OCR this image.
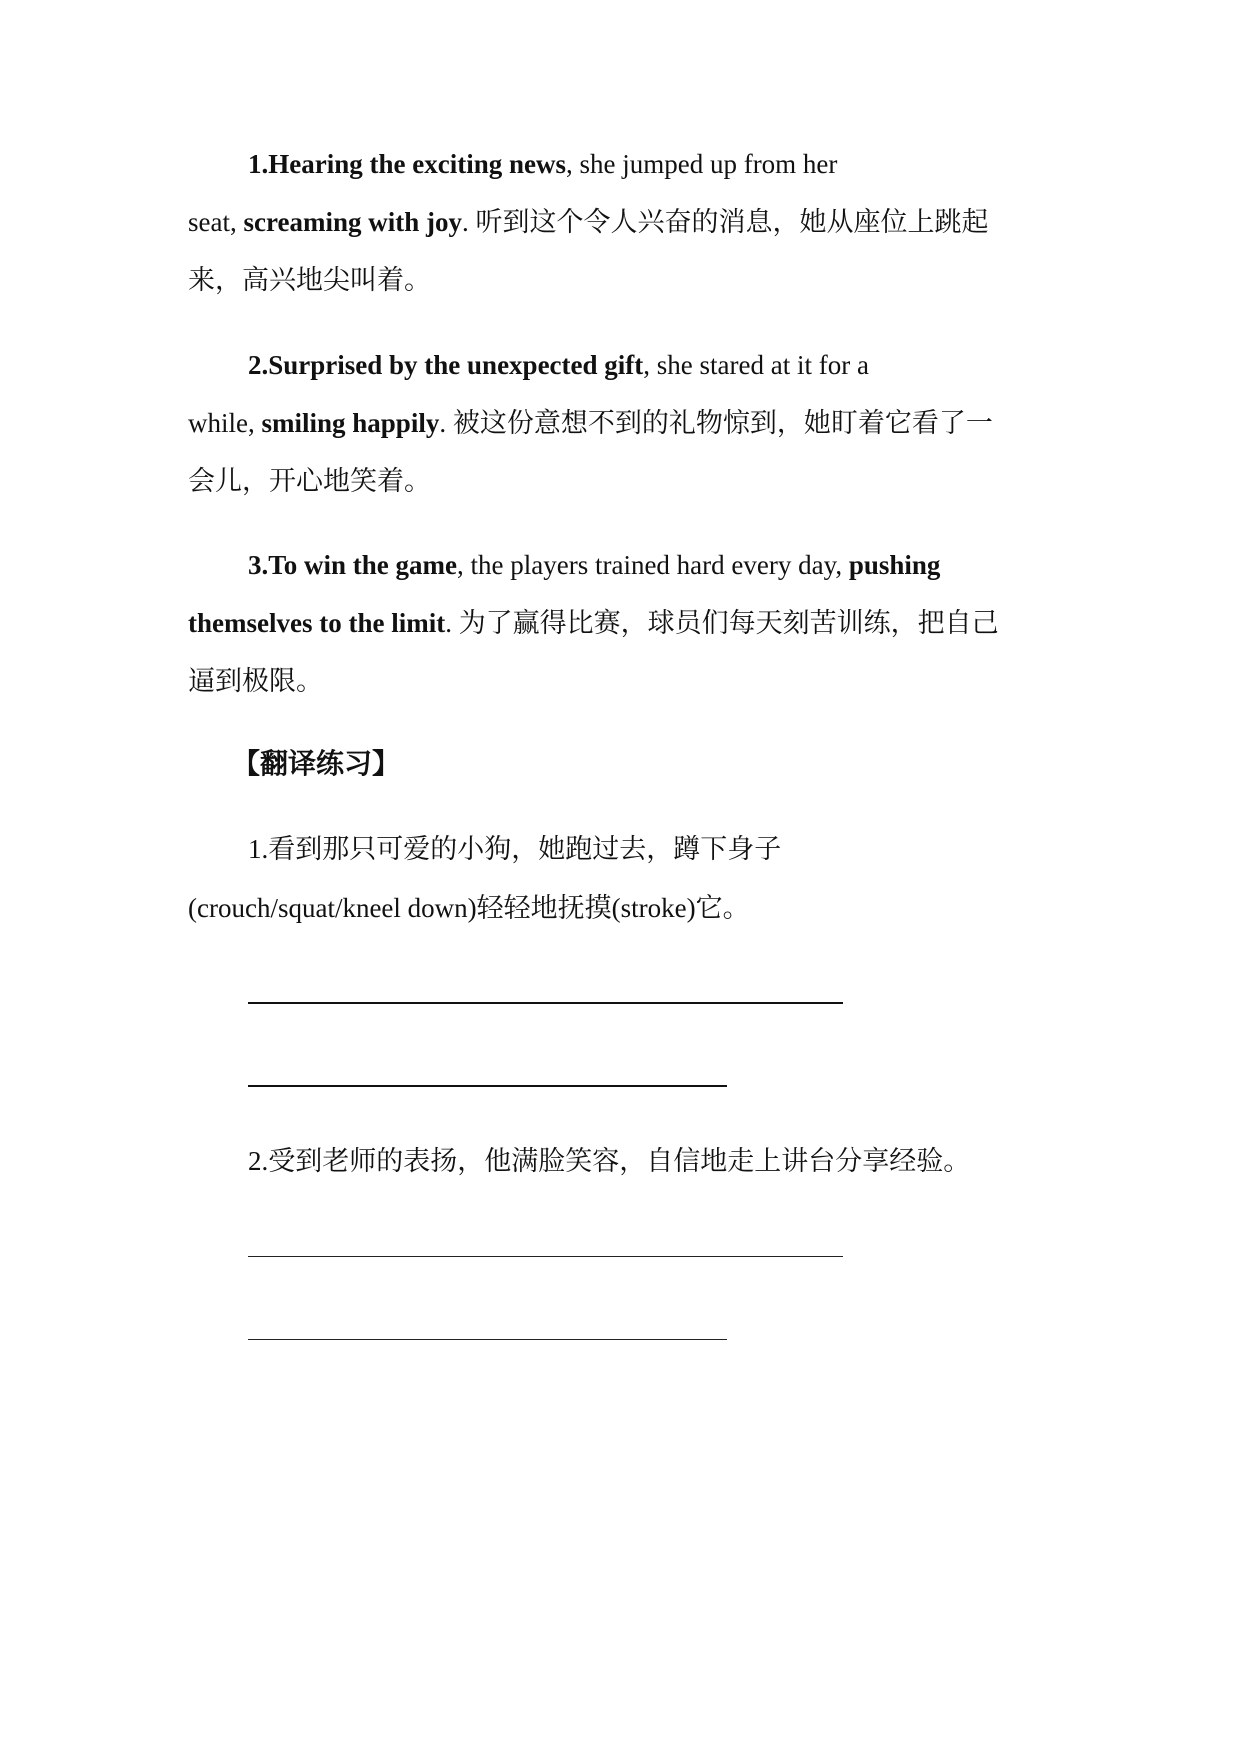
1.Hearing the exciting news, she jumped up from her
seat, screaming with joy. 听到这个令人兴奋的消息，她从座位上跳起
来，高兴地尖叫着。
2.Surprised by the unexpected gift, she stared at it for a
while, smiling happily. 被这份意想不到的礼物惊到，她盯着它看了一
会儿，开心地笑着。
3.To win the game, the players trained hard every day, pushing
themselves to the limit. 为了赢得比赛，球员们每天刻苦训练，把自己
逼到极限。
【翻译练习】
1.看到那只可爱的小狗，她跑过去，蹲下身子
(crouch/squat/kneel down)轻轻地抚摸(stroke)它。
2.受到老师的表扬，他满脸笑容，自信地走上讲台分享经验。
